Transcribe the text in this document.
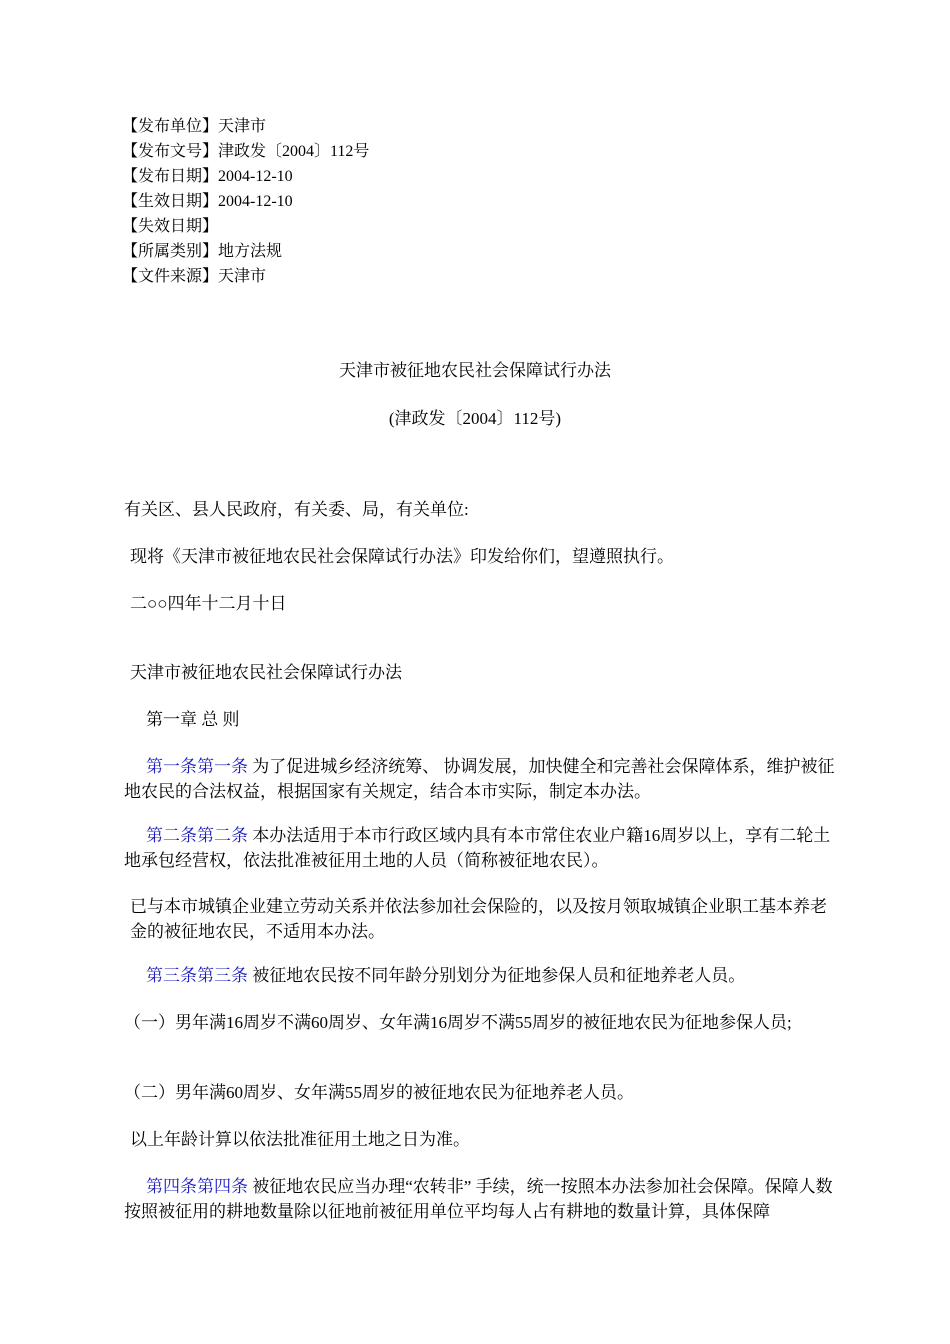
【发布单位】天津市
【发布文号】津政发〔2004〕112号
【发布日期】2004-12-10
【生效日期】2004-12-10
【失效日期】
【所属类别】地方法规
【文件来源】天津市
天津市被征地农民社会保障试行办法
(津政发〔2004〕112号)
有关区、县人民政府，有关委、局，有关单位:
现将《天津市被征地农民社会保障试行办法》印发给你们，望遵照执行。
二○○四年十二月十日
天津市被征地农民社会保障试行办法
第一章 总 则
第一条第一条 为了促进城乡经济统筹、 协调发展，加快健全和完善社会保障体系，维护被征地农民的合法权益，根据国家有关规定，结合本市实际，制定本办法。
第二条第二条 本办法适用于本市行政区域内具有本市常住农业户籍16周岁以上，享有二轮土地承包经营权，依法批准被征用土地的人员（简称被征地农民）。
已与本市城镇企业建立劳动关系并依法参加社会保险的，以及按月领取城镇企业职工基本养老金的被征地农民，不适用本办法。
第三条第三条 被征地农民按不同年龄分别划分为征地参保人员和征地养老人员。
（一）男年满16周岁不满60周岁、女年满16周岁不满55周岁的被征地农民为征地参保人员;
（二）男年满60周岁、女年满55周岁的被征地农民为征地养老人员。
以上年龄计算以依法批准征用土地之日为准。
第四条第四条 被征地农民应当办理“农转非” 手续，统一按照本办法参加社会保障。保障人数按照被征用的耕地数量除以征地前被征用单位平均每人占有耕地的数量计算，具体保障
